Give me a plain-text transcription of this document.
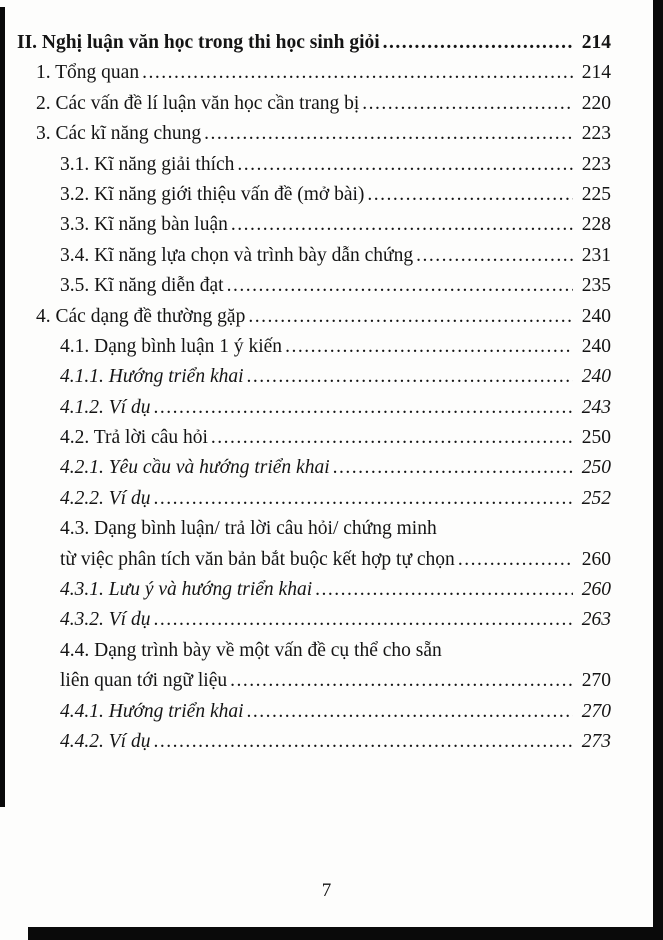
II. Nghị luận văn học trong thi học sinh giỏi .....	214
1. Tổng quan .....	214
2. Các vấn đề lí luận văn học cần trang bị .....	220
3. Các kĩ năng chung .....	223
3.1. Kĩ năng giải thích .....	223
3.2. Kĩ năng giới thiệu vấn đề (mở bài) .....	225
3.3. Kĩ năng bàn luận .....	228
3.4. Kĩ năng lựa chọn và trình bày dẫn chứng .....	231
3.5. Kĩ năng diễn đạt .....	235
4. Các dạng đề thường gặp .....	240
4.1. Dạng bình luận 1 ý kiến .....	240
4.1.1. Hướng triển khai .....	240
4.1.2. Ví dụ .....	243
4.2. Trả lời câu hỏi .....	250
4.2.1. Yêu cầu và hướng triển khai .....	250
4.2.2. Ví dụ .....	252
4.3. Dạng bình luận/ trả lời câu hỏi/ chứng minh
từ việc phân tích văn bản bắt buộc kết hợp tự chọn .....	260
4.3.1. Lưu ý và hướng triển khai .....	260
4.3.2. Ví dụ .....	263
4.4. Dạng trình bày về một vấn đề cụ thể cho sẵn
liên quan tới ngữ liệu .....	270
4.4.1. Hướng triển khai .....	270
4.4.2. Ví dụ .....	273
7
